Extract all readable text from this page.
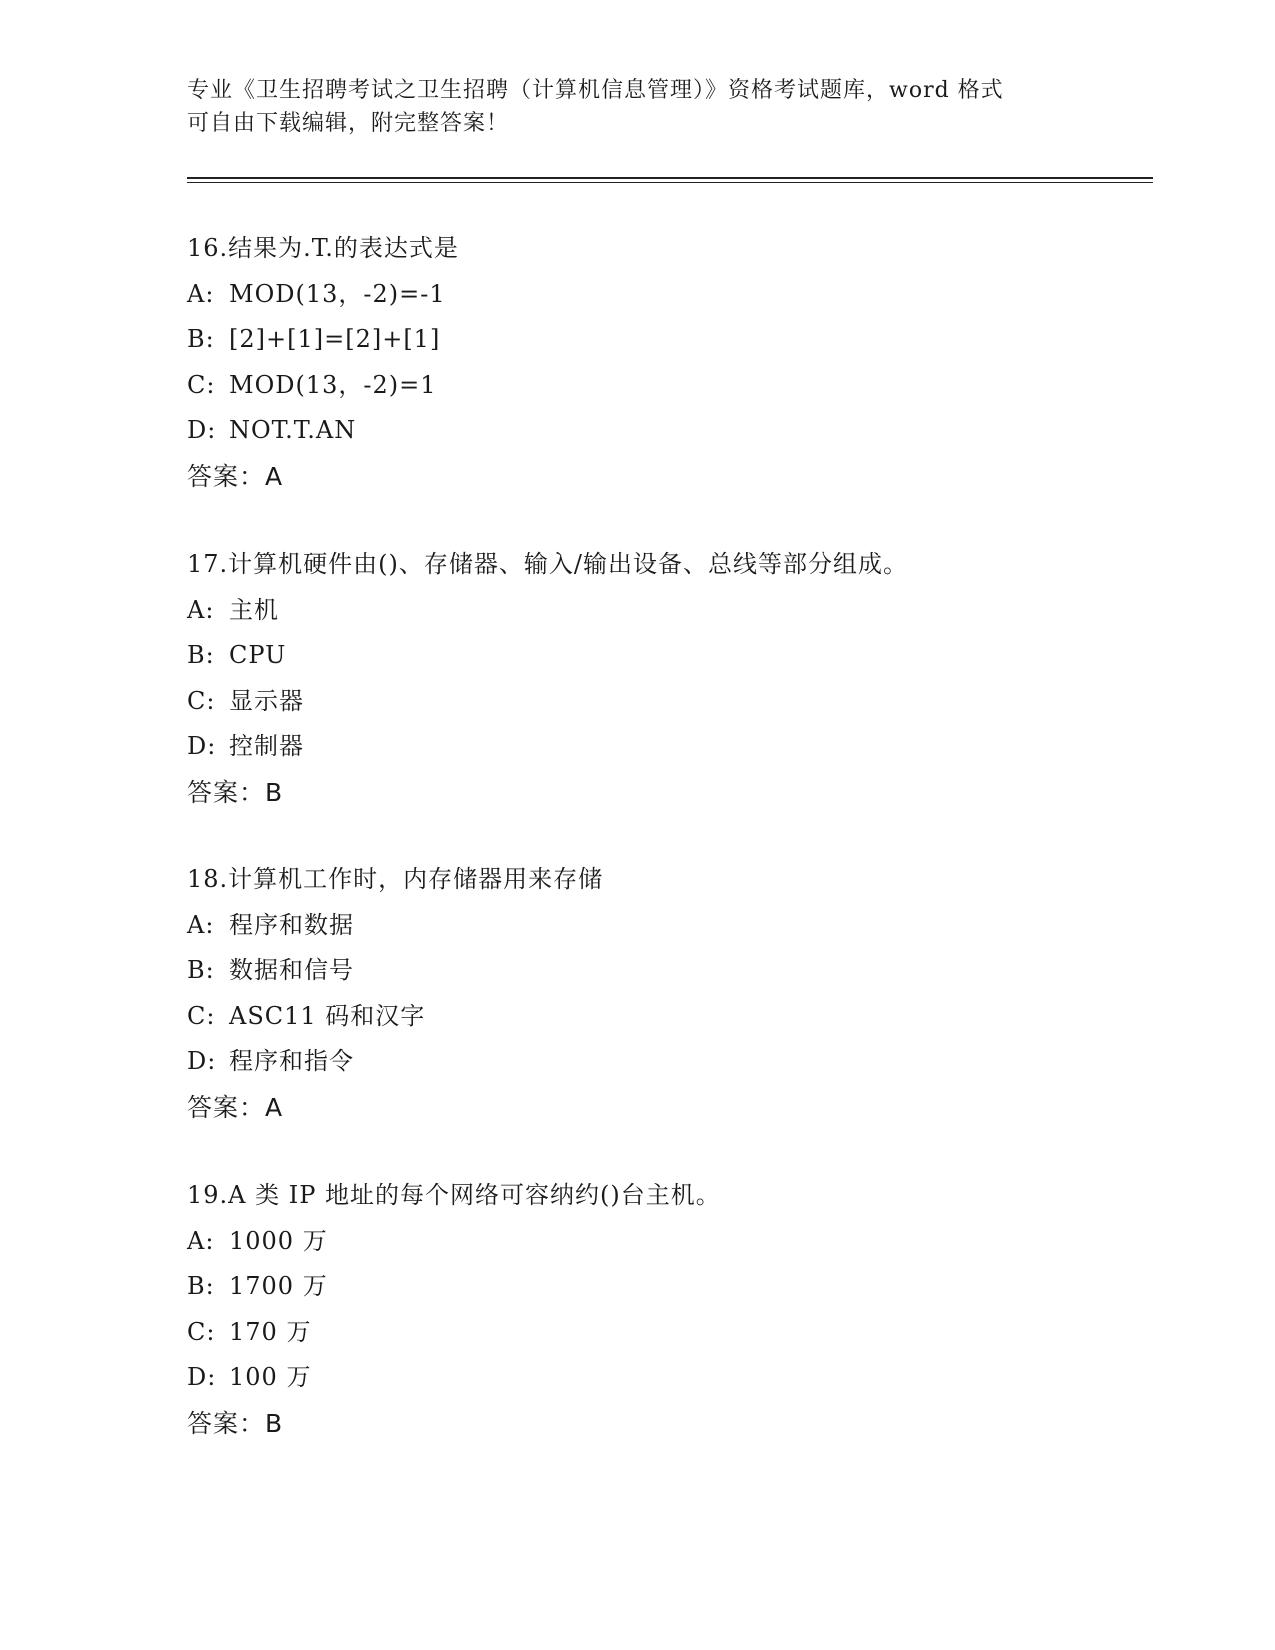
专业《卫生招聘考试之卫生招聘（计算机信息管理）》资格考试题库，word 格式
可自由下载编辑，附完整答案！
16.结果为.T.的表达式是
A: MOD(13，-2)=-1
B: [2]+[1]=[2]+[1]
C: MOD(13，-2)=1
D: NOT.T.AN
答案：A
17.计算机硬件由()、存储器、输入/输出设备、总线等部分组成。
A: 主机
B: CPU
C: 显示器
D: 控制器
答案：B
18.计算机工作时，内存储器用来存储
A: 程序和数据
B: 数据和信号
C: ASC11 码和汉字
D: 程序和指令
答案：A
19.A 类 IP 地址的每个网络可容纳约()台主机。
A: 1000 万
B: 1700 万
C: 170 万
D: 100 万
答案：B
